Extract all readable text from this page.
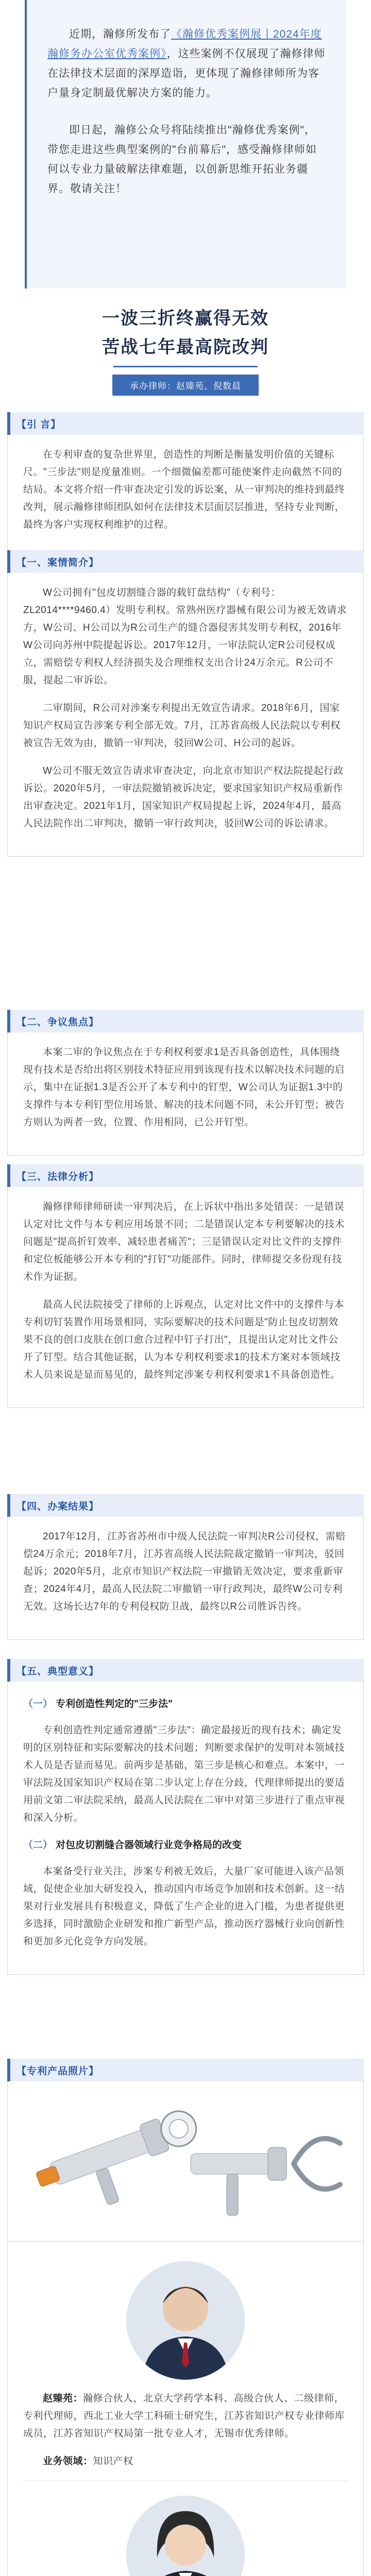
近期，瀚修所发布了《瀚修优秀案例展丨2024年度瀚修务办公室优秀案例》，这些案例不仅展现了瀚修律师在法律技术层面的深厚造诣，更体现了瀚修律师所为客户量身定制最优解决方案的能力。

即日起，瀚修公众号将陆续推出"瀚修优秀案例"，带您走进这些典型案例的"台前幕后"，感受瀚修律师如何以专业力量破解法律难题，以创新思维开拓业务疆界。敬请关注！

一波三折终赢得无效
苦战七年最高院改判
承办律师：赵臻苑、倪数晨
【引 言】

在专利审查的复杂世界里，创造性的判断是衡量发明价值的关键标尺。"三步法"则是度量准则。一个细微偏差都可能使案件走向截然不同的结局。本文将介绍一件审查决定引发的诉讼案，从一审判决的维持到最终改判，展示瀚修律师团队如何在法律技术层面层层推进，坚持专业判断，最终为客户实现权利维护的过程。

【一、案情简介】

W公司拥有"包皮切割缝合器的载钉盘结构"（专利号：ZL2014****9460.4）发明专利权。常熟州医疗器械有限公司为被无效请求方，W公司、H公司以为R公司生产的缝合器侵害其发明专利权，2016年W公司向苏州中院提起诉讼。2017年12月，一审法院认定R公司侵权成立，需赔偿专利权人经济损失及合理维权支出合计24万余元。R公司不服，提起二审诉讼。

二审期间，R公司对涉案专利提出无效宣告请求。2018年6月，国家知识产权局宣告涉案专利全部无效。7月，江苏省高级人民法院以专利权被宣告无效为由，撤销一审判决，驳回W公司、H公司的起诉。

W公司不服无效宣告请求审查决定，向北京市知识产权法院提起行政诉讼。2020年5月，一审法院撤销被诉决定，要求国家知识产权局重新作出审查决定。2021年1月，国家知识产权局提起上诉，2024年4月，最高人民法院作出二审判决，撤销一审行政判决，驳回W公司的诉讼请求。

【二、争议焦点】

本案二审的争议焦点在于专利权利要求1是否具备创造性，具体围绕现有技术是否给出将区别技术特征应用到该现有技术以解决技术问题的启示，集中在证据1.3是否公开了本专利中的钉型，W公司认为证据1.3中的支撑件与本专利钉型位用场景、解决的技术问题不同，未公开钉型；被告方则认为两者一致，位置、作用相同，已公开钉型。

【三、法律分析】

瀚修律师律师研读一审判决后，在上诉状中指出多处错误：一是错误认定对比文件与本专利应用场景不同；二是错误认定本专利要解决的技术问题是"提高折钉效率、减轻患者痛苦"；三是错误认定对比文件的支撑件和定位板能够公开本专利的"打钉"功能部件。同时，律师提交多份现有技术作为证据。

最高人民法院接受了律师的上诉观点，认定对比文件中的支撑件与本专利切钉装置作用场景相同，实际要解决的技术问题是"防止包皮切割效果不良的创口皮肤在创口愈合过程中钉子打出"，且提出认定对比文件公开了钉型。结合其他证据，认为本专利权利要求1的技术方案对本领域技术人员来说是显而易见的，最终判定涉案专利权利要求1不具备创造性。

【四、办案结果】

2017年12月，江苏省苏州市中级人民法院一审判决R公司侵权，需赔偿24万余元；2018年7月，江苏省高级人民法院裁定撤销一审判决，驳回起诉；2020年5月，北京市知识产权法院一审撤销无效决定，要求重新审查；2024年4月，最高人民法院二审撤销一审行政判决，最终W公司专利无效。这场长达7年的专利侵权防卫战，最终以R公司胜诉告终。

【五、典型意义】
（一） 专利创造性判定的"三步法"

专利创造性判定通常遵循"三步法"：确定最接近的现有技术；确定发明的区别特征和实际要解决的技术问题；判断要求保护的发明对本领域技术人员是否显而易见。前两步是基础，第三步是核心和难点。本案中，一审法院及国家知识产权局在第二步认定上存在分歧，代理律师提出的要适用前文第二审法院采纳，最高人民法院在二审中对第三步进行了重点审视和深入分析。

（二） 对包皮切割缝合器领域行业竞争格局的改变

本案备受行业关注，涉案专利被无效后，大量厂家可能进入该产品领域，促使企业加大研发投入，推动国内市场竞争加剧和技术创新。这一结果对行业发展具有积极意义，降低了生产企业的进入门槛，为患者提供更多选择，同时激励企业研发和推广新型产品，推动医疗器械行业向创新性和更加多元化竞争方向发展。

【专利产品照片】

赵臻苑：瀚修合伙人，北京大学药学本科、高级合伙人、二级律师，专利代理师，西北工业大学工科硕士研究生，江苏省知识产权专业律师库成员，江苏省知识产权局第一批专业人才，无锡市优秀律师。

业务领域：知识产权
